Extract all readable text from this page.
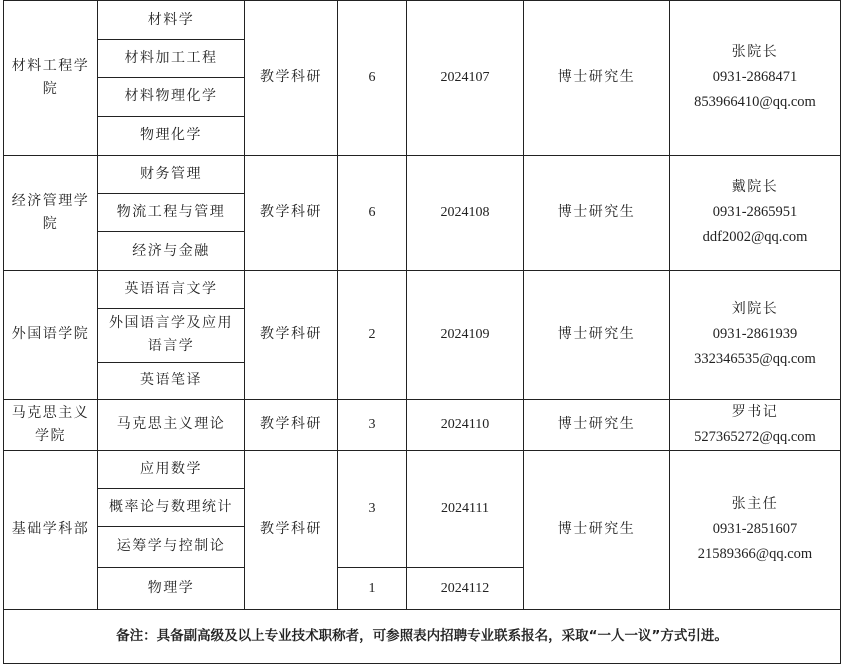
材料工程学院	材料学	教学科研	6	2024107	博士研究生	张院长
0931-2868471
853966410@qq.com

	材料加工工程					
	材料物理化学					
	物理化学					
经济管理学院	财务管理	教学科研	6	2024108	博士研究生	戴院长
0931-2865951
ddf2002@qq.com

	物流工程与管理					
	经济与金融					
外国语学院	英语语言文学	教学科研	2	2024109	博士研究生	刘院长
0931-2861939
332346535@qq.com

	外国语言学及应用语言学					
	英语笔译					
马克思主义学院	马克思主义理论	教学科研	3	2024110	博士研究生	罗书记
527365272@qq.com

基础学科部	应用数学	教学科研	3	2024111	博士研究生	张主任
0931-2851607
21589366@qq.com

	概率论与数理统计					
	运筹学与控制论					
	物理学		1	2024112		
备注：具备副高级及以上专业技术职称者，可参照表内招聘专业联系报名，采取“一人一议”方式引进。						
